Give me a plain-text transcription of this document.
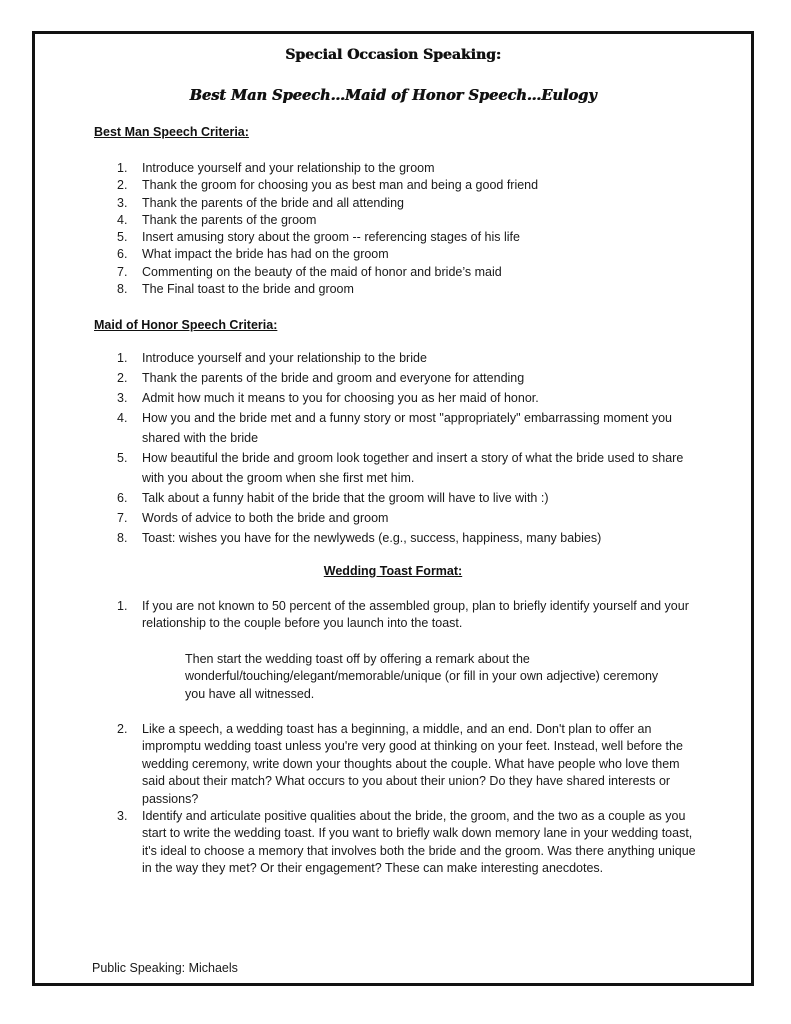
Special Occasion Speaking:
Best Man Speech…Maid of Honor Speech…Eulogy
Best Man Speech Criteria:
1.	Introduce yourself and your relationship to the groom
2.	Thank the groom for choosing you as best man and being a good friend
3.	Thank the parents of the bride and all attending
4.	Thank the parents of the groom
5.	Insert amusing story about the groom -- referencing stages of his life
6.	What impact the bride has had on the groom
7.	Commenting on the beauty of the maid of honor and bride’s maid
8.	The Final toast to the bride and groom
Maid of Honor Speech Criteria:
1.	Introduce yourself and your relationship to the bride
2.	Thank the parents of the bride and groom and everyone for attending
3.	Admit how much it means to you for choosing you as her maid of honor.
4.	How you and the bride met and a funny story or most "appropriately" embarrassing moment you shared with the bride
5.	How beautiful the bride and groom look together and insert a story of what the bride used to share with you about the groom when she first met him.
6.	Talk about a funny habit of the bride that the groom will have to live with :)
7.	Words of advice to both the bride and groom
8.	Toast: wishes you have for the newlyweds (e.g., success, happiness, many babies)
Wedding Toast Format:
1.	If you are not known to 50 percent of the assembled group, plan to briefly identify yourself and your relationship to the couple before you launch into the toast.
Then start the wedding toast off by offering a remark about the wonderful/touching/elegant/memorable/unique (or fill in your own adjective) ceremony you have all witnessed.
2.	Like a speech, a wedding toast has a beginning, a middle, and an end. Don't plan to offer an impromptu wedding toast unless you're very good at thinking on your feet. Instead, well before the wedding ceremony, write down your thoughts about the couple. What have people who love them said about their match? What occurs to you about their union? Do they have shared interests or passions?
3.	Identify and articulate positive qualities about the bride, the groom, and the two as a couple as you start to write the wedding toast. If you want to briefly walk down memory lane in your wedding toast, it's ideal to choose a memory that involves both the bride and the groom. Was there anything unique in the way they met? Or their engagement? These can make interesting anecdotes.
Public Speaking: Michaels
